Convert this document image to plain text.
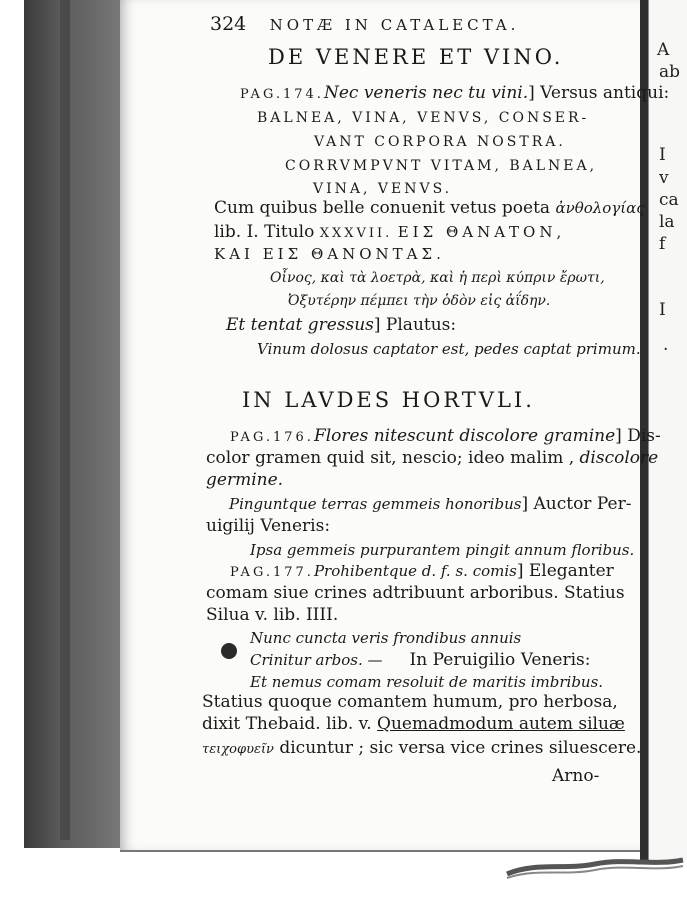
A
ab
I
v
ca
la
f
I
.
324 NOTÆ IN CATALECTA.
DE VENERE ET VINO.
PAG.174.Nec veneris nec tu vini.] Versus antiqui:
BALNEA, VINA, VENVS, CONSER-
VANT CORPORA NOSTRA.
CORRVMPVNT VITAM, BALNEA,
VINA, VENVS.
Cum quibus belle conuenit vetus poeta ἀνθολογίας
lib. I. Titulo XXXVII. ΕΙΣ ΘΑΝΑΤΟΝ,
ΚΑΙ ΕΙΣ ΘΑΝΟΝΤΑΣ.
Οἶνος, καὶ τὰ λοετρὰ, καὶ ἡ περὶ κύπριν ἔρωτι,
Ὀξυτέρην πέμπει τὴν ὁδὸν εἰς ἀΐδην.
Et tentat gressus] Plautus:
Vinum dolosus captator est, pedes captat primum.
IN LAVDES HORTVLI.
PAG.176.Flores nitescunt discolore gramine] Dis-
color gramen quid sit, nescio; ideo malim , discolore
germine.
Pinguntque terras gemmeis honoribus] Auctor Per-
uigilij Veneris:
Ipsa gemmeis purpurantem pingit annum floribus.
PAG.177.Prohibentque d. f. s. comis] Eleganter
comam siue crines adtribuunt arboribus. Statius
Silua v. lib. IIII.
Nunc cuncta veris frondibus annuis
Crinitur arbos. — In Peruigilio Veneris:
Et nemus comam resoluit de maritis imbribus.
Statius quoque comantem humum, pro herbosa,
dixit Thebaid. lib. v. Quemadmodum autem siluæ
τειχοφυεῖν dicuntur ; sic versa vice crines siluescere.
Arno-
